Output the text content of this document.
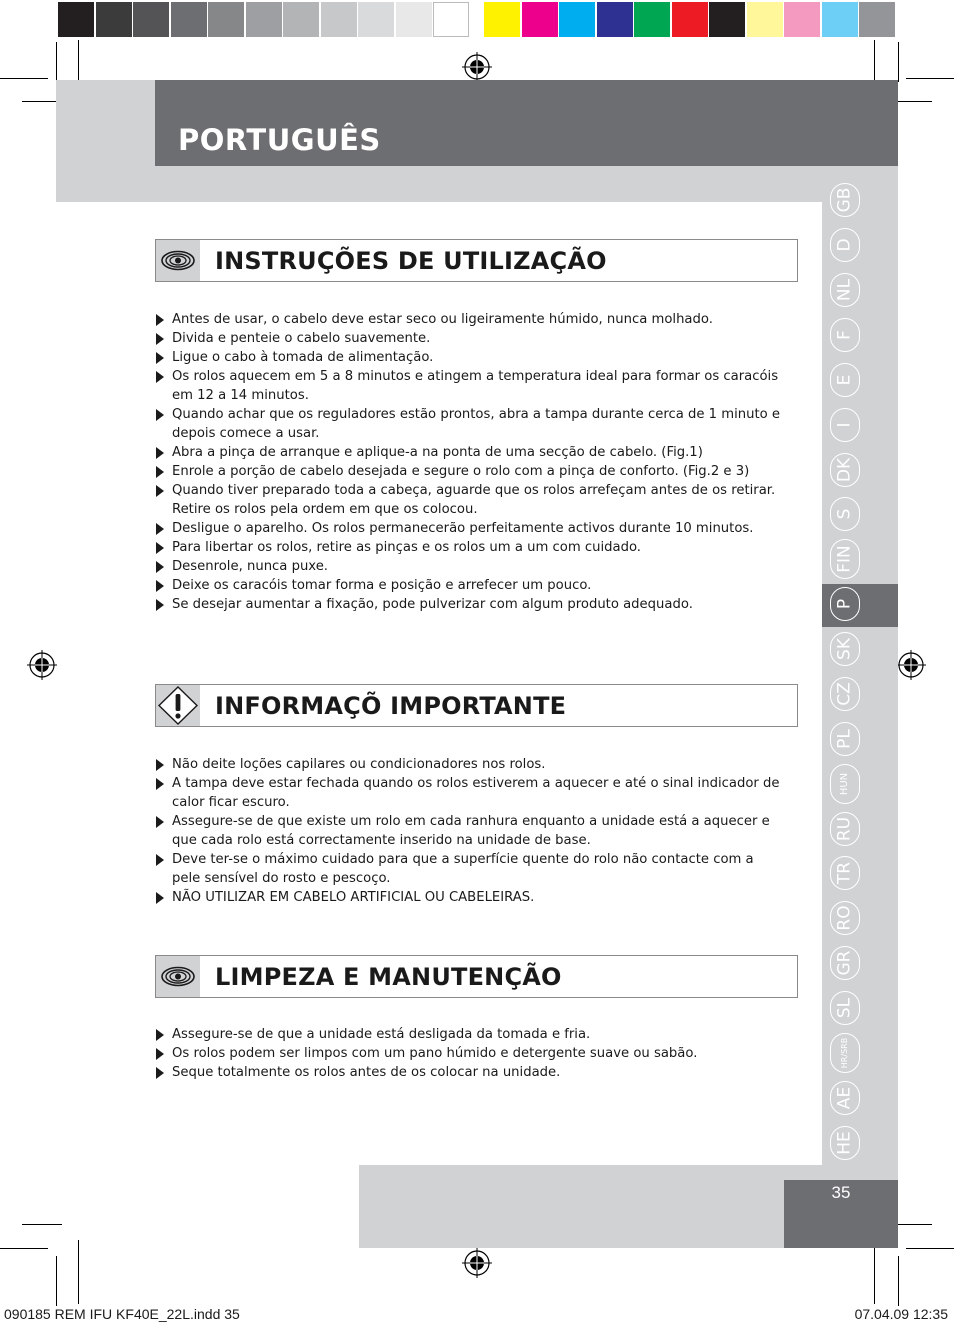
PORTUGUÊS
GB
D
NL
F
E
I
DK
S
FIN
P
SK
CZ
PL
HUN
RU
TR
RO
GR
SL
HR/SRB
AE
HE
INSTRUÇÕES DE UTILIZAÇÃO
Antes de usar, o cabelo deve estar seco ou ligeiramente húmido, nunca molhado.
Divida e penteie o cabelo suavemente.
Ligue o cabo à tomada de alimentação.
Os rolos aquecem em 5 a 8 minutos e atingem a temperatura ideal para formar os caracóis em 12 a 14 minutos.
Quando achar que os reguladores estão prontos, abra a tampa durante cerca de 1 minuto e depois comece a usar.
Abra a pinça de arranque e aplique-a na ponta de uma secção de cabelo. (Fig.1)
Enrole a porção de cabelo desejada e segure o rolo com a pinça de conforto. (Fig.2 e 3)
Quando tiver preparado toda a cabeça, aguarde que os rolos arrefeçam antes de os retirar. Retire os rolos pela ordem em que os colocou.
Desligue o aparelho. Os rolos permanecerão perfeitamente activos durante 10 minutos.
Para libertar os rolos, retire as pinças e os rolos um a um com cuidado.
Desenrole, nunca puxe.
Deixe os caracóis tomar forma e posição e arrefecer um pouco.
Se desejar aumentar a fixação, pode pulverizar com algum produto adequado.
INFORMAÇÕ IMPORTANTE
Não deite loções capilares ou condicionadores nos rolos.
A tampa deve estar fechada quando os rolos estiverem a aquecer e até o sinal indicador de calor ficar escuro.
Assegure-se de que existe um rolo em cada ranhura enquanto a unidade está a aquecer e que cada rolo está correctamente inserido na unidade de base.
Deve ter-se o máximo cuidado para que a superfície quente do rolo não contacte com a pele sensível do rosto e pescoço.
NÃO UTILIZAR EM CABELO ARTIFICIAL OU CABELEIRAS.
LIMPEZA E MANUTENÇÃO
Assegure-se de que a unidade está desligada da tomada e fria.
Os rolos podem ser limpos com um pano húmido e detergente suave ou sabão.
Seque totalmente os rolos antes de os colocar na unidade.
35
090185 REM IFU KF40E_22L.indd 35	07.04.09 12:35
